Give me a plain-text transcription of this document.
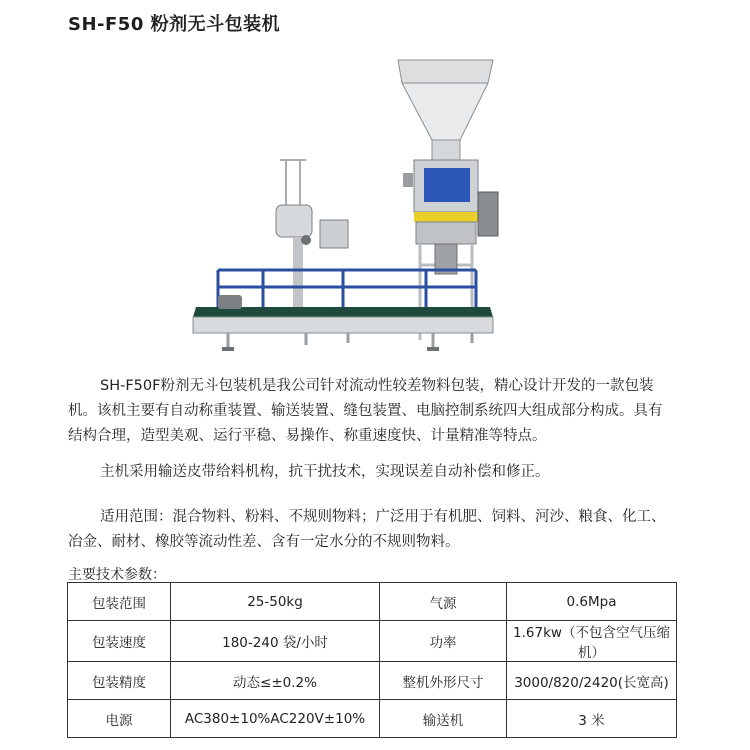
SH-F50 粉剂无斗包装机

SH-F50F粉剂无斗包装机是我公司针对流动性较差物料包装，精心设计开发的一款包装机。该机主要有自动称重装置、输送装置、缝包装置、电脑控制系统四大组成部分构成。具有结构合理，造型美观、运行平稳、易操作、称重速度快、计量精准等特点。

主机采用输送皮带给料机构，抗干扰技术，实现误差自动补偿和修正。

适用范围：混合物料、粉料、不规则物料；广泛用于有机肥、饲料、河沙、粮食、化工、冶金、耐材、橡胶等流动性差、含有一定水分的不规则物料。

主要技术参数：
包装范围	25-50kg	气源	0.6Mpa
包装速度	180-240 袋/小时	功率	1.67kw（不包含空气压缩机）
包装精度	动态≤±0.2%	整机外形尺寸	3000/820/2420(长宽高)
电源	AC380±10%AC220V±10%	输送机	3 米
